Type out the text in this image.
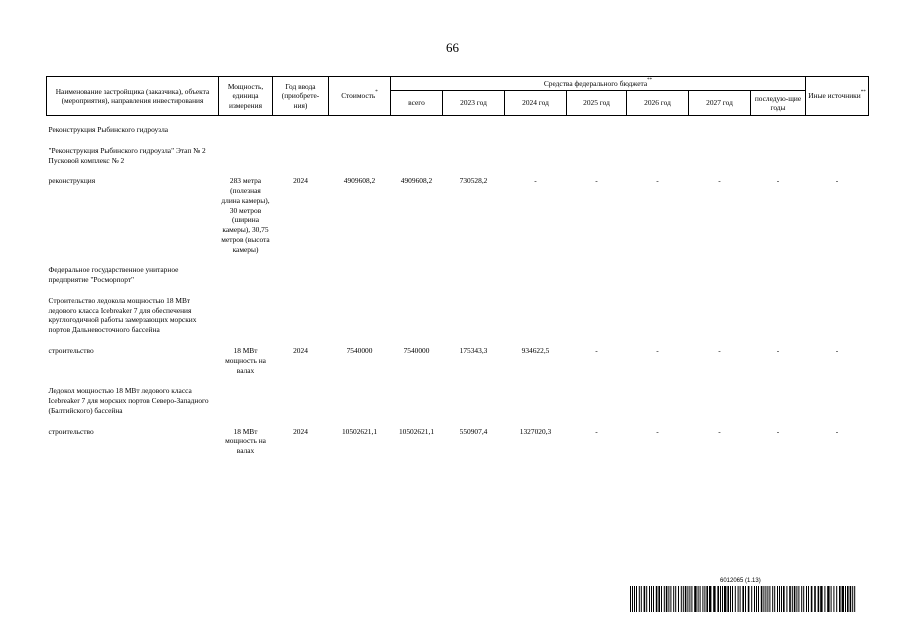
66
Наименование застройщика (заказчика), объекта (мероприятия), направления инвестирования	Мощность, единица измерения	Год ввода (приобрете-ния)	Стоимость*	Средства федерального бюджета**							Иные источники**
				всего	2023 год	2024 год	2025 год	2026 год	2027 год	последую-щие годы	

Реконструкция Рыбинского гидроузла											

"Реконструкция Рыбинского гидроузла" Этап № 2 Пусковой комплекс № 2											

реконструкция	283 метра (полезная длина камеры), 30 метров (ширина камеры), 30,75 метров (высота камеры)	2024	4909608,2	4909608,2	730528,2	-	-	-	-	-	-

Федеральное государственное унитарное предприятие "Росморпорт"											

Строительство ледокола мощностью 18 МВт ледового класса Icebreaker 7 для обеспечения круглогодичной работы замерзающих морских портов Дальневосточного бассейна											

строительство	18 МВт мощность на валах	2024	7540000	7540000	175343,3	934622,5	-	-	-	-	-

Ледокол мощностью 18 МВт ледового класса Icebreaker 7 для морских портов Северо-Западного (Балтийского) бассейна											

строительство	18 МВт мощность на валах	2024	10502621,1	10502621,1	550907,4	1327020,3	-	-	-	-	-
6012065 (1.13)
